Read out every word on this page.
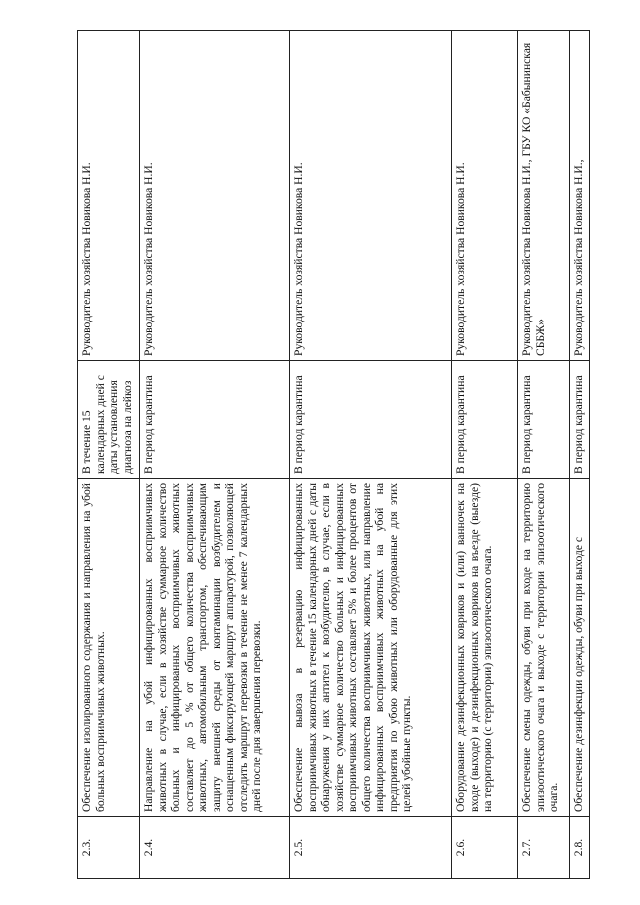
2.3.	Обеспечение изолированного содержания и направления на убой больных восприимчивых животных.	В течение 15 календарных дней с даты установления диагноза на лейкоз	Руководитель хозяйства Новикова Н.И.
2.4.	Направление на убой инфицированных восприимчивых животных в случае, если в хозяйстве суммарное количество больных и инфицированных восприимчивых животных составляет до 5 % от общего количества восприимчивых животных, автомобильным транспортом, обеспечивающим защиту внешней среды от контаминации возбудителем и оснащенным фиксирующей маршрут аппаратурой, позволяющей отследить маршрут перевозки в течение не менее 7 календарных дней после дня завершения перевозки.	В период карантина	Руководитель хозяйства Новикова Н.И.
2.5.	Обеспечение вывоза в резервацию инфицированных восприимчивых животных в течение 15 календарных дней с даты обнаружения у них антител к возбудителю, в случае, если в хозяйстве суммарное количество больных и инфицированных восприимчивых животных составляет 5% и более процентов от общего количества восприимчивых животных, или направление инфицированных восприимчивых животных на убой на предприятия по убою животных или оборудованные для этих целей убойные пункты.	В период карантина	Руководитель хозяйства Новикова Н.И.
2.6.	Оборудование дезинфекционных ковриков и (или) ванночек на входе (выходе) и дезинфекционных ковриков на въезде (выезде) на территорию (с территории) эпизоотического очага.	В период карантина	Руководитель хозяйства Новикова Н.И.
2.7.	Обеспечение смены одежды, обуви при входе на территорию эпизоотического очага и выходе с территории эпизоотического очага.	В период карантина	Руководитель хозяйства Новикова Н.И., ГБУ КО «Бабынинская СББЖ»
2.8.	Обеспечение дезинфекции одежды, обуви при выходе с	В период карантина	Руководитель хозяйства Новикова Н.И.,
